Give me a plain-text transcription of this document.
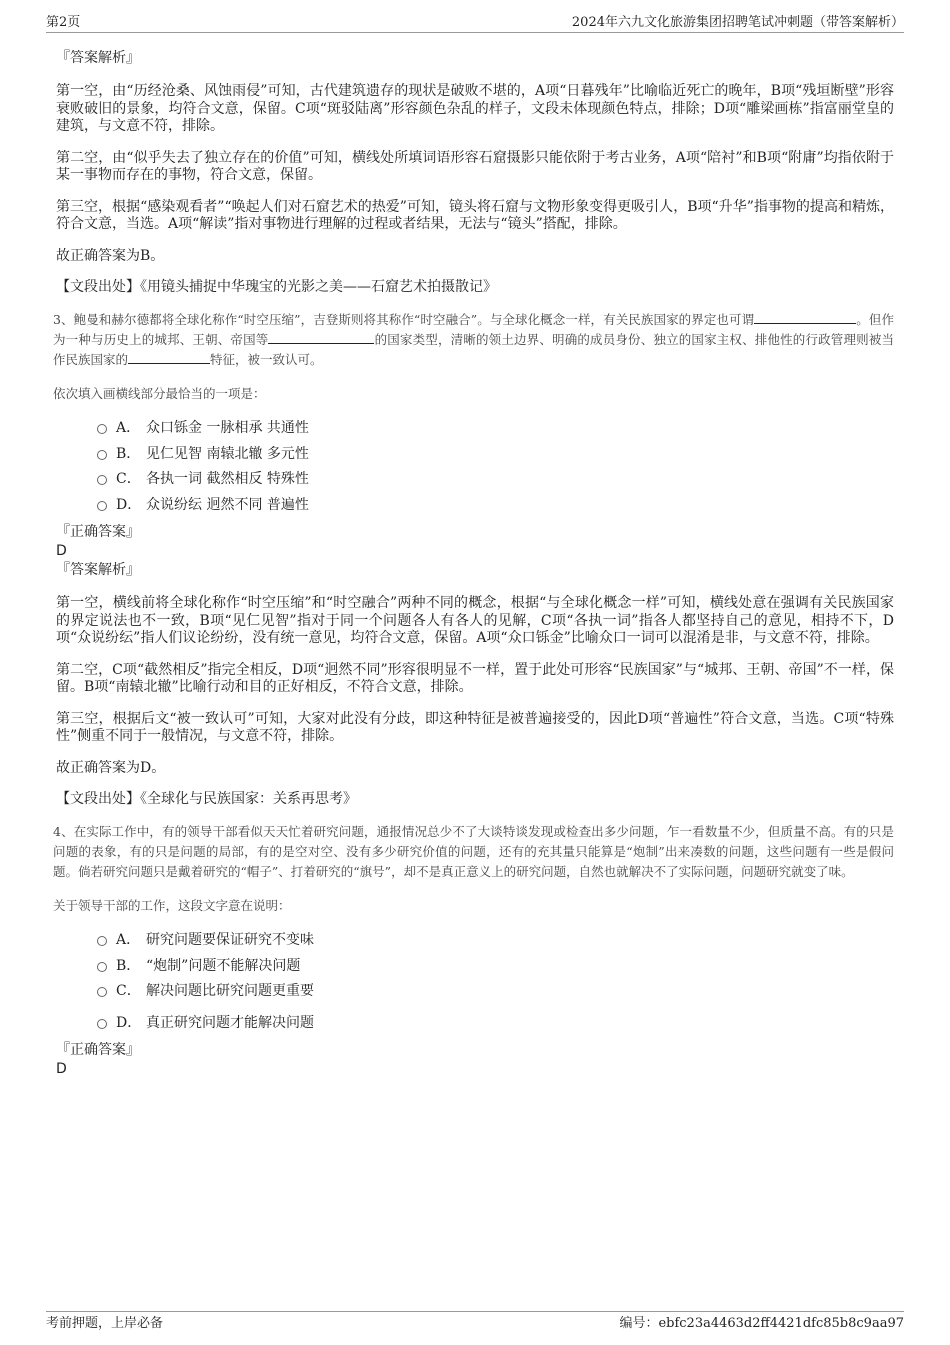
第2页	2024年六九文化旅游集团招聘笔试冲刺题（带答案解析）

『答案解析』

第一空，由“历经沧桑、风蚀雨侵”可知，古代建筑遗存的现状是破败不堪的，A项“日暮残年”比喻临近死亡的晚年，B项“残垣断壁”形容衰败破旧的景象，均符合文意，保留。C项“斑驳陆离”形容颜色杂乱的样子，文段未体现颜色特点，排除；D项“雕梁画栋”指富丽堂皇的建筑，与文意不符，排除。

第二空，由“似乎失去了独立存在的价值”可知，横线处所填词语形容石窟摄影只能依附于考古业务，A项“陪衬”和B项“附庸”均指依附于某一事物而存在的事物，符合文意，保留。

第三空，根据“感染观看者”“唤起人们对石窟艺术的热爱”可知，镜头将石窟与文物形象变得更吸引人，B项“升华”指事物的提高和精炼，符合文意，当选。A项“解读”指对事物进行理解的过程或者结果，无法与“镜头”搭配，排除。

故正确答案为B。

【文段出处】《用镜头捕捉中华瑰宝的光影之美——石窟艺术拍摄散记》

3、鲍曼和赫尔德都将全球化称作“时空压缩”，吉登斯则将其称作“时空融合”。与全球化概念一样，有关民族国家的界定也可谓	。但作为一种与历史上的城邦、王朝、帝国等	的国家类型，清晰的领土边界、明确的成员身份、独立的国家主权、排他性的行政管理则被当作民族国家的	特征，被一致认可。

依次填入画横线部分最恰当的一项是：

A． 众口铄金 一脉相承 共通性
B． 见仁见智 南辕北辙 多元性
C． 各执一词 截然相反 特殊性
D． 众说纷纭 迥然不同 普遍性

『正确答案』

D

『答案解析』

第一空，横线前将全球化称作“时空压缩”和“时空融合”两种不同的概念，根据“与全球化概念一样”可知，横线处意在强调有关民族国家的界定说法也不一致，B项“见仁见智”指对于同一个问题各人有各人的见解，C项“各执一词”指各人都坚持自己的意见，相持不下，D项“众说纷纭”指人们议论纷纷，没有统一意见，均符合文意，保留。A项“众口铄金”比喻众口一词可以混淆是非，与文意不符，排除。

第二空，C项“截然相反”指完全相反，D项“迥然不同”形容很明显不一样，置于此处可形容“民族国家”与“城邦、王朝、帝国”不一样，保留。B项“南辕北辙”比喻行动和目的正好相反，不符合文意，排除。

第三空，根据后文“被一致认可”可知，大家对此没有分歧，即这种特征是被普遍接受的，因此D项“普遍性”符合文意，当选。C项“特殊性”侧重不同于一般情况，与文意不符，排除。

故正确答案为D。

【文段出处】《全球化与民族国家：关系再思考》

4、在实际工作中，有的领导干部看似天天忙着研究问题，通报情况总少不了大谈特谈发现或检查出多少问题，乍一看数量不少，但质量不高。有的只是问题的表象，有的只是问题的局部，有的是空对空、没有多少研究价值的问题，还有的充其量只能算是“炮制”出来凑数的问题，这些问题有一些是假问题。倘若研究问题只是戴着研究的“帽子”、打着研究的“旗号”，却不是真正意义上的研究问题，自然也就解决不了实际问题，问题研究就变了味。

关于领导干部的工作，这段文字意在说明：

A． 研究问题要保证研究不变味
B． “炮制”问题不能解决问题
C． 解决问题比研究问题更重要
D． 真正研究问题才能解决问题

『正确答案』

D

考前押题，上岸必备	编号：ebfc23a4463d2ff4421dfc85b8c9aa97
